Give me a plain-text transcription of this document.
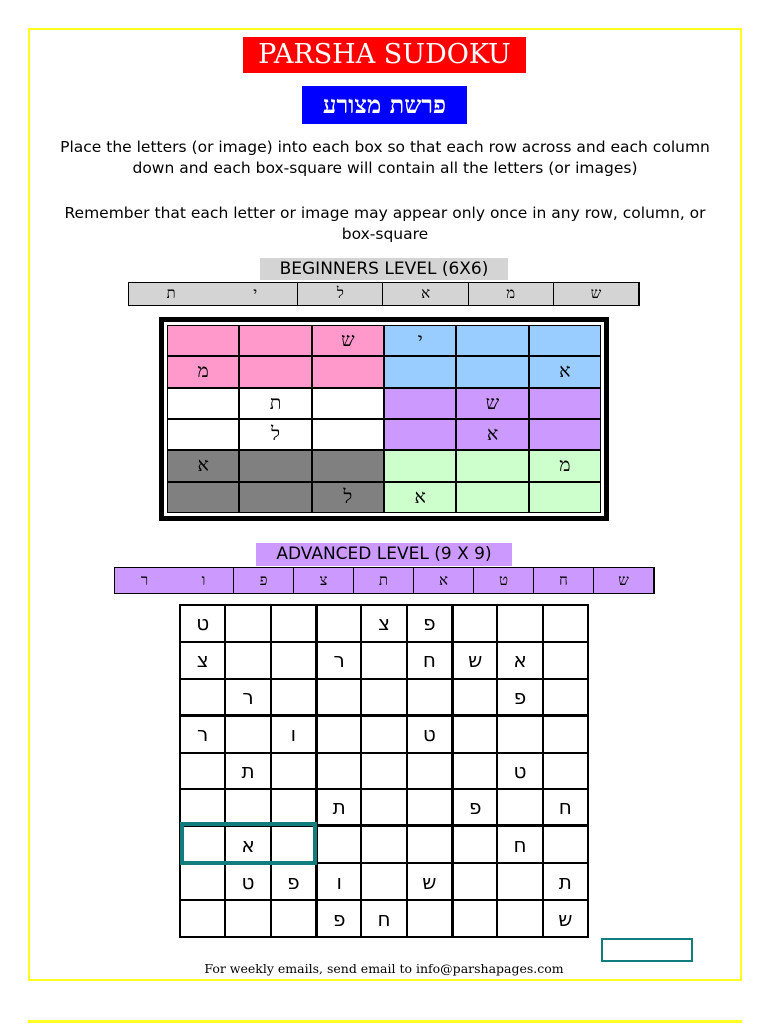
PARSHA SUDOKU
פרשת מצורע
Place the letters (or image) into each box so that each row across and each column down and each box-square will contain all the letters (or images)
Remember that each letter or image may appear only once in any row, column, or box-square
BEGINNERS LEVEL (6X6)
ש
מ
א
ל
י
ת
י
ש
א
מ
ש
ת
א
ל
מ
א
א
ל
ADVANCED LEVEL (9 X 9)
ש
ח
ט
א
ת
צ
פ
ו
ר
פ
צ
ט
א
ש
ח
ר
צ
פ
ר
ט
ו
ר
ט
ת
ח
פ
ת
ח
א
ת
ש
ו
פ
ט
ש
ח
פ
For weekly emails, send email to info@parshapages.com
